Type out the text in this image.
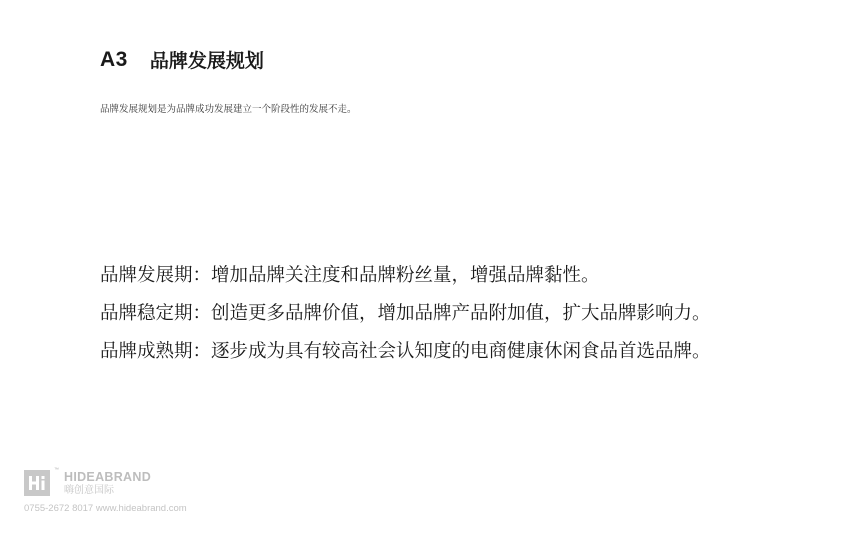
A3 品牌发展规划
品牌发展规划是为品牌成功发展建立一个阶段性的发展不走。
品牌发展期：增加品牌关注度和品牌粉丝量，增强品牌黏性。
品牌稳定期：创造更多品牌价值，增加品牌产品附加值，扩大品牌影响力。
品牌成熟期：逐步成为具有较高社会认知度的电商健康休闲食品首选品牌。
™ HIDEABRAND
嗨创意国际
0755-2672 8017 www.hideabrand.com
